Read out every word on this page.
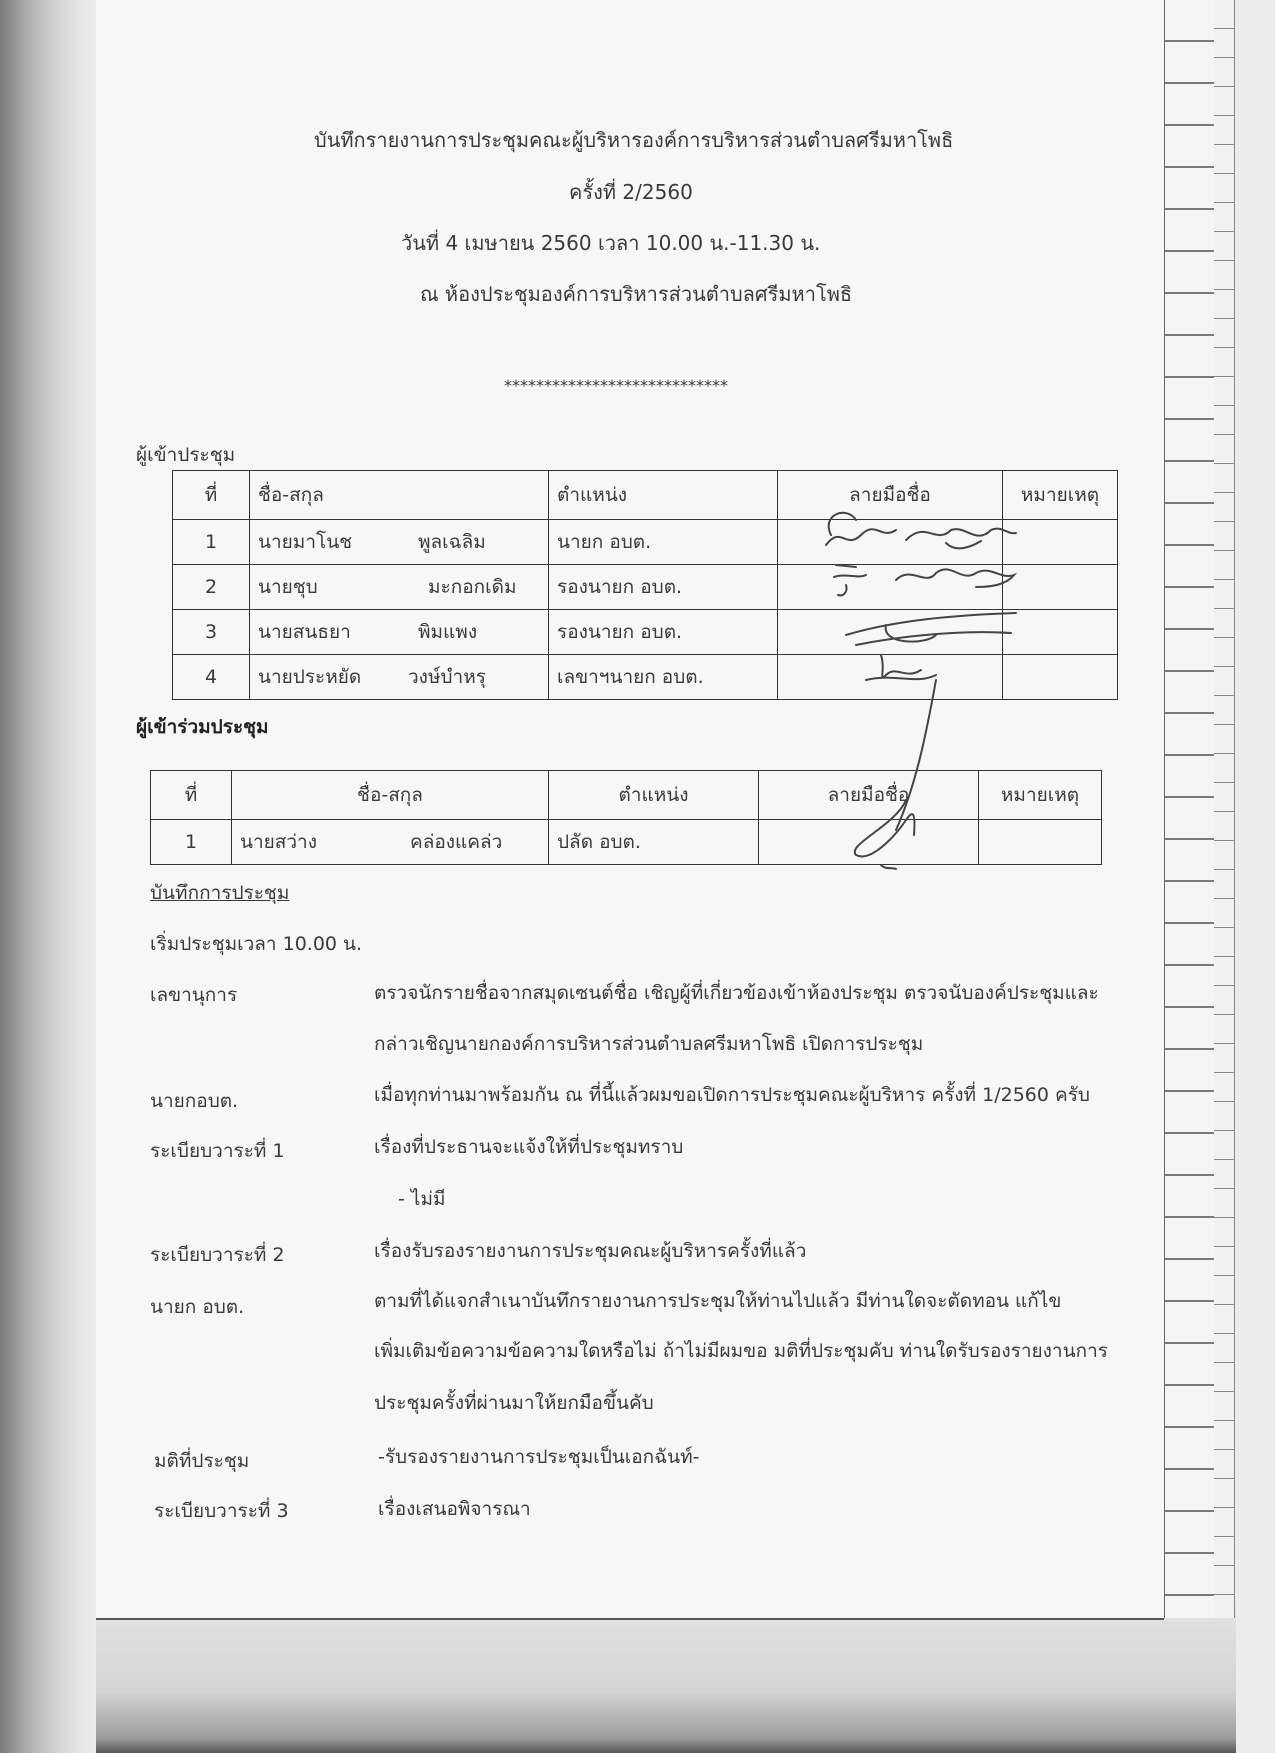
บันทึกรายงานการประชุมคณะผู้บริหารองค์การบริหารส่วนตำบลศรีมหาโพธิ
ครั้งที่ 2/2560
วันที่ 4 เมษายน 2560 เวลา 10.00 น.-11.30 น.
ณ ห้องประชุมองค์การบริหารส่วนตำบลศรีมหาโพธิ
****************************
ผู้เข้าประชุม
ที่	ชื่อ-สกุล	ตำแหน่ง	ลายมือชื่อ	หมายเหตุ
1	นายมาโนช พูลเฉลิม	นายก อบต.		
2	นายชุบ มะกอกเดิม	รองนายก อบต.		
3	นายสนธยา พิมแพง	รองนายก อบต.		
4	นายประหยัด วงษ์บำหรุ	เลขาฯนายก อบต.		
ผู้เข้าร่วมประชุม
ที่	ชื่อ-สกุล	ตำแหน่ง	ลายมือชื่อ	หมายเหตุ
1	นายสว่าง คล่องแคล่ว	ปลัด อบต.		
บันทึกการประชุม
เริ่มประชุมเวลา 10.00 น.
เลขานุการ	ตรวจนักรายชื่อจากสมุดเซนต์ชื่อ เชิญผู้ที่เกี่ยวข้องเข้าห้องประชุม ตรวจนับองค์ประชุมและ
กล่าวเชิญนายกองค์การบริหารส่วนตำบลศรีมหาโพธิ เปิดการประชุม
นายกอบต.	เมื่อทุกท่านมาพร้อมกัน ณ ที่นี้แล้วผมขอเปิดการประชุมคณะผู้บริหาร ครั้งที่ 1/2560 ครับ
ระเบียบวาระที่ 1	เรื่องที่ประธานจะแจ้งให้ที่ประชุมทราบ
- ไม่มี
ระเบียบวาระที่ 2	เรื่องรับรองรายงานการประชุมคณะผู้บริหารครั้งที่แล้ว
นายก อบต.	ตามที่ได้แจกสำเนาบันทึกรายงานการประชุมให้ท่านไปแล้ว มีท่านใดจะตัดทอน แก้ไข
เพิ่มเติมข้อความข้อความใดหรือไม่ ถ้าไม่มีผมขอ มติที่ประชุมคับ ท่านใดรับรองรายงานการ
ประชุมครั้งที่ผ่านมาให้ยกมือขึ้นคับ
มติที่ประชุม	-รับรองรายงานการประชุมเป็นเอกฉันท์-
ระเบียบวาระที่ 3	เรื่องเสนอพิจารณา
